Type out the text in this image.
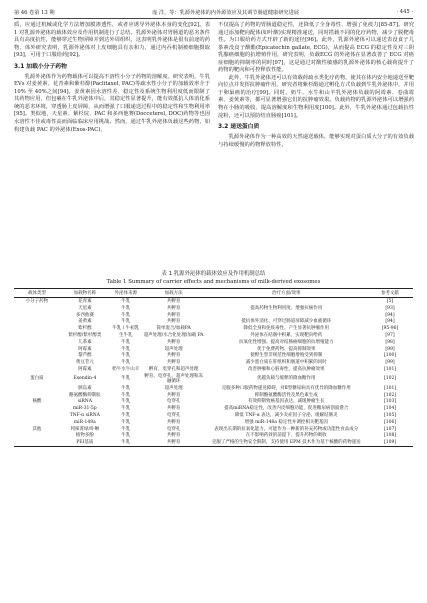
第 46 卷第 13 期	庞 洋，等：乳源外泌体的内外源效应及其调节肠道健康研究进展	· 445 ·

质，应通过机械或化学方法增加膜渗透性，或者应诱导外泌体本身的变化[92]。表 1 对乳源外泌体的载体效应及作用机制进行了总结。乳源外泌体对胃肠道的恶劣条件具有高度抗性，能够穿过生物屏障并到达外周组织，这表明乳外泌体是很有前途的药物、体外研究表明，乳源外泌体对上皮细胞具有亲和力，通过内吞机制被细胞摄取[93]，可用于口服给药[92]。

3.1 加载小分子药物

乳源外泌体作为药物载体可以提高不溶性小分子药物的溶解度、研究表明，牛乳 EVs 对姜黄素、花青素和紫杉醇(Paclitaxel, PAC)等疏水性小分子的加载效率介于 10% 至 40%之间[94]。姜黄素因水溶性差、稳定性及系统生物利用度低而限制了其药物应用，但包裹在牛乳外泌体中后，其稳定性显著提升，能有效抵抗人体消化系统的恶劣环境，穿透肠上皮屏障，从而增强了口服递送过程中的稳定性和生物利用率[95]。类似地，天星素、紫杉烷、PAC 和多西他赛(Docceterel, DOC)药物等也因水溶性不佳或毒性高而面临临床应用挑战。然而，通过牛乳外泌体负载这些药物，如构建负载 PAC 的外泌体(Exos-PAC)，

不仅提高了药物的胃肠道稳定性，还降低了全身毒性、增强了免疫力[85-87]。研究通过添加靶向配体(如叶酸)实现精准递送，同时搭载不同的化疗药物，减少了脱靶毒性。为口服给药方式开辟了新的途径[96]。此外，乳源外泌体可以递送表没食子儿茶素没食子酸酯(Epicatechin gallate, ECG)，从而提高 ECG 的稳定性及对三阴乳腺癌细胞的抗增殖作用，研究表明，负载ECG 的外泌体在显著改善了 ECG 对癌症细胞的抑制率的同时[97]，这是通过对酸性敏感的乳源外泌体的核心载荷提升了药物的靶向和可控释放性能。

此外，牛乳外泌体还可以有效载荷疏水类化疗药物，使其在体内安全地递送至靶向位点并发挥抗肿瘤作用，研究者将紫杉醇通过孵化方式负载到牛乳外泌体中，并用于卵巢癌的治疗[99]。同时，奶牛、水牛和山羊乳外泌体负载的阿霉素、卷曲霉素、姜黄素等，都可显著增强它们的抗肿瘤效果。负载药物的乳源外泌体可以增强药物在小肠的吸收、提高溶解度和生物利用度[100]。此外，牛乳外泌体通过包载抗性淀粉，还可以预防结直肠癌[101]。

3.2 递送蛋白质

乳源外泌体作为一种高效的天然递送载体，能够实现对蛋白质大分子的有效负载与持续缓慢的药物释放特性，

表 1 乳源外泌体的载体效应及作用机制总结
Table 1 Summary of carrier effects and mechanisms of milk-derived exosomes
载体类型	加载物名称	外泌体来源	加载方法	治疗方面/效果	参考文献
小分子药物	花青素	牛乳	共孵育		[5]
	天星素	牛乳	共孵育	提高药物生物利用度、增强抗癌作用	[93]
	多西他赛	牛乳	共孵育		[94]
	姜黄素	牛乳	共孵育	抵抗体外消化、可穿过肠道屏障减少血液循环	[94]
	紫杉醇	牛乳 / 牛初乳	简单混合/加载PA	降低全身和免疫毒性、产生显著抗肿瘤作用	[95-96]
	紫杉醇/紫杉醇类	生牛乳	超声处理/水合化处理/加载 PA	外泌体在结肠中积累，实现靶向给药	[97]
	儿茶素	牛乳	共孵育	抗氧化性增强、提高对结肠癌细胞的抗增殖能力	[98]
	阿霉素	牛乳	超声处理	优于免费药物、提高抑制效果	[99]
	黎芦醇	牛乳	共孵育	使野生型非规范性细胞增殖受到抑制	[100]
	黄豆苷元	牛乳	共孵育	减少蛋白质在肝组织和肠道中积累的同时	[99]
	阿霉素	奶牛水牛山羊	孵育、电穿孔和超声处理	改善肿瘤和心脏毒性，提高抗肿瘤效果	[101]
蛋白质	Exendin-4	牛乳	孵育、电穿孔、超声处理和冻融循环	优越负载与缓释的降血糖作用	[102]
	胰岛素	牛乳	超声处理	克服多种口服药物递送障碍，对Ⅱ型糖尿病具有优异的降血糖作用	[101]
	酪氨酸酶抑制肽	牛乳	共孵育	抑制酪氨酸酶活性及黑色素生成	[102]
核酸	siRNA	牛乳	电穿孔	有效抑制致癌基因表达，减缓肿瘤生长	[103]
	miR-31-5p	牛乳	共孵育	提高miRNA稳定性，改善内皮细胞功能，促进糖尿病创面愈合	[104]
	TNF-α siRNA	牛乳	电穿孔	降低 TNF-α 表达，减少炎症因子分泌、缓解结肠炎	[105]
	miR-148a	牛乳	共孵育	增强 miR-148a 稳定性并调控相关靶基因	[106]
其他	吲哚菁绿/卟啉	牛乳	电穿孔	表现出长期的抗氧化能力，可能作为一种新的补充药物或功能性食品成分	[107]
	植物多酚	牛乳	共孵育	在不影响药效的前提下，提升药物的吸收	[108]
	PEI基质	牛乳	共孵育	克服了严格的生物安全限制，支持使用 EPM 技术作为基于核酸的药物递送	[109]
